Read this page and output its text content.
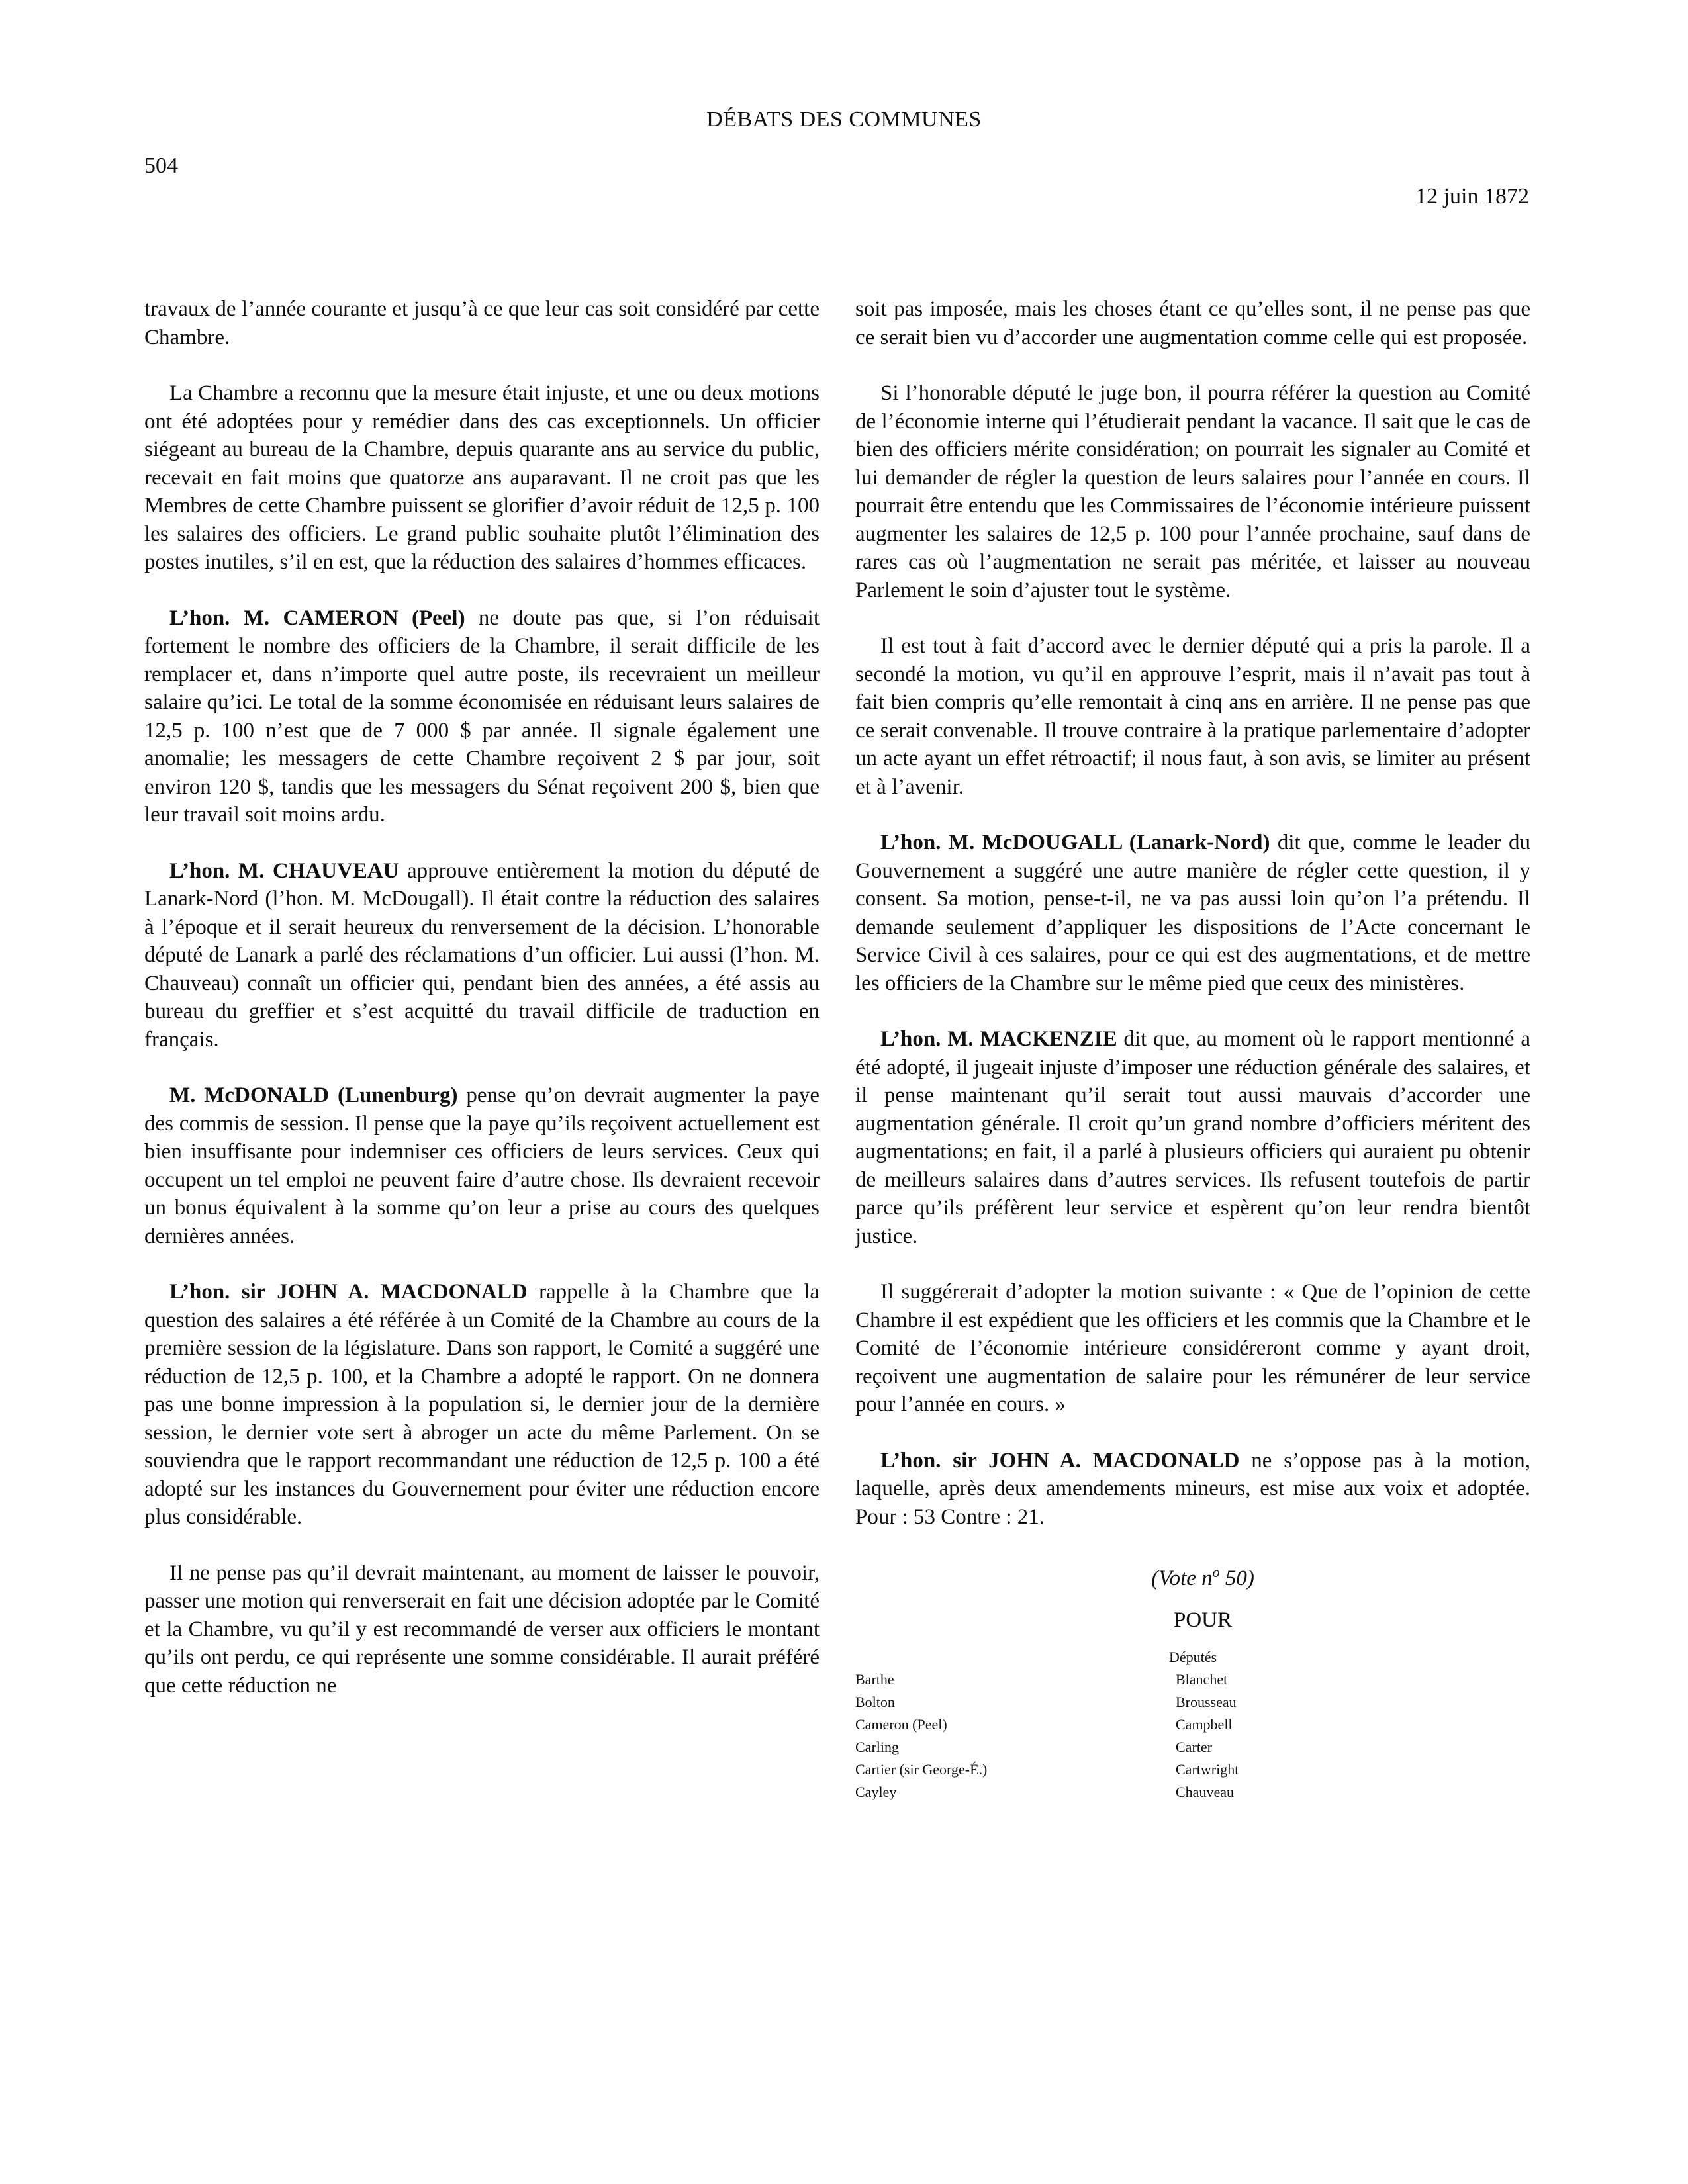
DÉBATS DES COMMUNES
504
12 juin 1872

travaux de l’année courante et jusqu’à ce que leur cas soit considéré par cette Chambre.

La Chambre a reconnu que la mesure était injuste, et une ou deux motions ont été adoptées pour y remédier dans des cas exceptionnels. Un officier siégeant au bureau de la Chambre, depuis quarante ans au service du public, recevait en fait moins que quatorze ans auparavant. Il ne croit pas que les Membres de cette Chambre puissent se glorifier d’avoir réduit de 12,5 p. 100 les salaires des officiers. Le grand public souhaite plutôt l’élimination des postes inutiles, s’il en est, que la réduction des salaires d’hommes efficaces.

L’hon. M. CAMERON (Peel) ne doute pas que, si l’on réduisait fortement le nombre des officiers de la Chambre, il serait difficile de les remplacer et, dans n’importe quel autre poste, ils recevraient un meilleur salaire qu’ici. Le total de la somme économisée en réduisant leurs salaires de 12,5 p. 100 n’est que de 7 000 $ par année. Il signale également une anomalie; les messagers de cette Chambre reçoivent 2 $ par jour, soit environ 120 $, tandis que les messagers du Sénat reçoivent 200 $, bien que leur travail soit moins ardu.

L’hon. M. CHAUVEAU approuve entièrement la motion du député de Lanark-Nord (l’hon. M. McDougall). Il était contre la réduction des salaires à l’époque et il serait heureux du renversement de la décision. L’honorable député de Lanark a parlé des réclamations d’un officier. Lui aussi (l’hon. M. Chauveau) connaît un officier qui, pendant bien des années, a été assis au bureau du greffier et s’est acquitté du travail difficile de traduction en français.

M. McDONALD (Lunenburg) pense qu’on devrait augmenter la paye des commis de session. Il pense que la paye qu’ils reçoivent actuellement est bien insuffisante pour indemniser ces officiers de leurs services. Ceux qui occupent un tel emploi ne peuvent faire d’autre chose. Ils devraient recevoir un bonus équivalent à la somme qu’on leur a prise au cours des quelques dernières années.

L’hon. sir JOHN A. MACDONALD rappelle à la Chambre que la question des salaires a été référée à un Comité de la Chambre au cours de la première session de la législature. Dans son rapport, le Comité a suggéré une réduction de 12,5 p. 100, et la Chambre a adopté le rapport. On ne donnera pas une bonne impression à la population si, le dernier jour de la dernière session, le dernier vote sert à abroger un acte du même Parlement. On se souviendra que le rapport recommandant une réduction de 12,5 p. 100 a été adopté sur les instances du Gouvernement pour éviter une réduction encore plus considérable.

Il ne pense pas qu’il devrait maintenant, au moment de laisser le pouvoir, passer une motion qui renverserait en fait une décision adoptée par le Comité et la Chambre, vu qu’il y est recommandé de verser aux officiers le montant qu’ils ont perdu, ce qui représente une somme considérable. Il aurait préféré que cette réduction ne

soit pas imposée, mais les choses étant ce qu’elles sont, il ne pense pas que ce serait bien vu d’accorder une augmentation comme celle qui est proposée.

Si l’honorable député le juge bon, il pourra référer la question au Comité de l’économie interne qui l’étudierait pendant la vacance. Il sait que le cas de bien des officiers mérite considération; on pourrait les signaler au Comité et lui demander de régler la question de leurs salaires pour l’année en cours. Il pourrait être entendu que les Commissaires de l’économie intérieure puissent augmenter les salaires de 12,5 p. 100 pour l’année prochaine, sauf dans de rares cas où l’augmentation ne serait pas méritée, et laisser au nouveau Parlement le soin d’ajuster tout le système.

Il est tout à fait d’accord avec le dernier député qui a pris la parole. Il a secondé la motion, vu qu’il en approuve l’esprit, mais il n’avait pas tout à fait bien compris qu’elle remontait à cinq ans en arrière. Il ne pense pas que ce serait convenable. Il trouve contraire à la pratique parlementaire d’adopter un acte ayant un effet rétroactif; il nous faut, à son avis, se limiter au présent et à l’avenir.

L’hon. M. McDOUGALL (Lanark-Nord) dit que, comme le leader du Gouvernement a suggéré une autre manière de régler cette question, il y consent. Sa motion, pense-t-il, ne va pas aussi loin qu’on l’a prétendu. Il demande seulement d’appliquer les dispositions de l’Acte concernant le Service Civil à ces salaires, pour ce qui est des augmentations, et de mettre les officiers de la Chambre sur le même pied que ceux des ministères.

L’hon. M. MACKENZIE dit que, au moment où le rapport mentionné a été adopté, il jugeait injuste d’imposer une réduction générale des salaires, et il pense maintenant qu’il serait tout aussi mauvais d’accorder une augmentation générale. Il croit qu’un grand nombre d’officiers méritent des augmentations; en fait, il a parlé à plusieurs officiers qui auraient pu obtenir de meilleurs salaires dans d’autres services. Ils refusent toutefois de partir parce qu’ils préfèrent leur service et espèrent qu’on leur rendra bientôt justice.

Il suggérerait d’adopter la motion suivante : « Que de l’opinion de cette Chambre il est expédient que les officiers et les commis que la Chambre et le Comité de l’économie intérieure considéreront comme y ayant droit, reçoivent une augmentation de salaire pour les rémunérer de leur service pour l’année en cours. »

L’hon. sir JOHN A. MACDONALD ne s’oppose pas à la motion, laquelle, après deux amendements mineurs, est mise aux voix et adoptée. Pour : 53 Contre : 21.

(Vote $n^o$ 50)
POUR
Députés
Barthe	Blanchet
Bolton	Brousseau
Cameron (Peel)	Campbell
Carling	Carter
Cartier (sir George-É.)	Cartwright
Cayley	Chauveau
